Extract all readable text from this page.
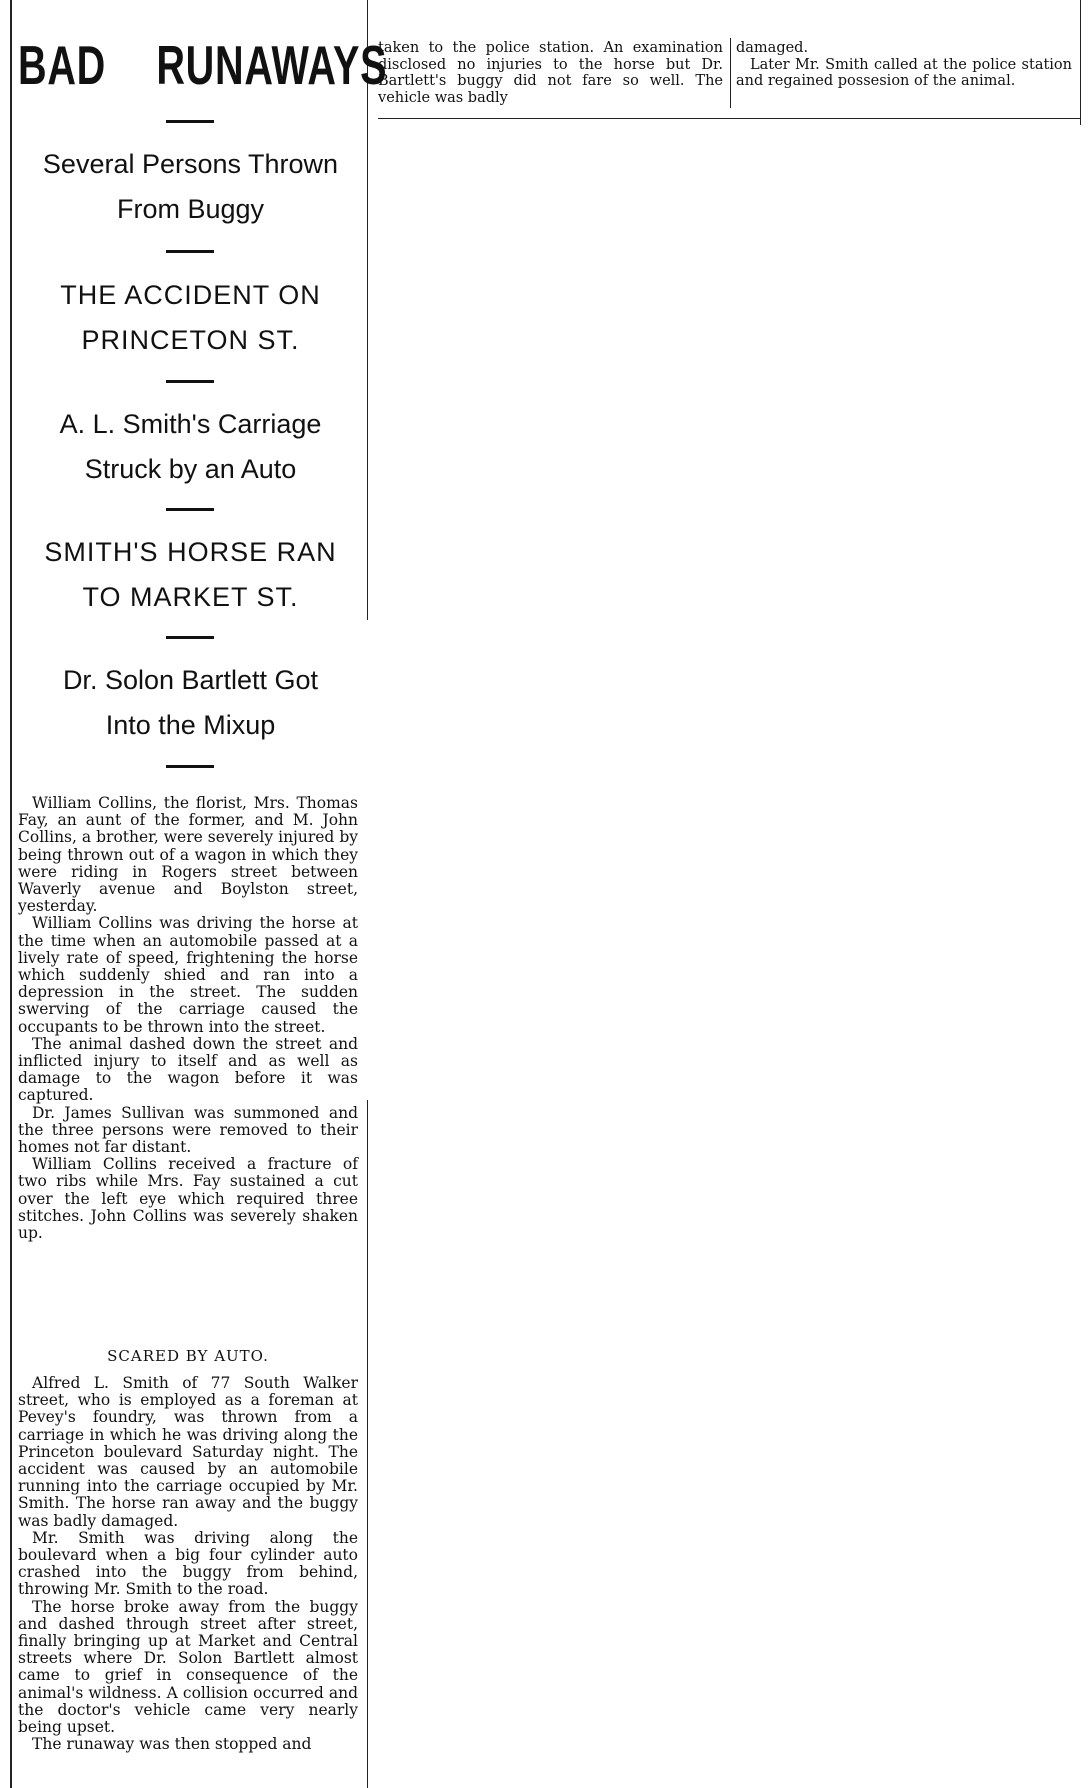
BAD RUNAWAYS
Several Persons Thrown
From Buggy
THE ACCIDENT ON
PRINCETON ST.
A. L. Smith's Carriage
Struck by an Auto
SMITH'S HORSE RAN
TO MARKET ST.
Dr. Solon Bartlett Got
Into the Mixup

William Collins, the florist, Mrs. Thomas Fay, an aunt of the former, and M. John Collins, a brother, were severely injured by being thrown out of a wagon in which they were riding in Rogers street between Waverly avenue and Boylston street, yesterday.

William Collins was driving the horse at the time when an automobile passed at a lively rate of speed, frightening the horse which suddenly shied and ran into a depression in the street. The sudden swerving of the carriage caused the occupants to be thrown into the street.

The animal dashed down the street and inflicted injury to itself and as well as damage to the wagon before it was captured.

Dr. James Sullivan was summoned and the three persons were removed to their homes not far distant.

William Collins received a fracture of two ribs while Mrs. Fay sustained a cut over the left eye which required three stitches. John Collins was severely shaken up.

SCARED BY AUTO.

Alfred L. Smith of 77 South Walker street, who is employed as a foreman at Pevey's foundry, was thrown from a carriage in which he was driving along the Princeton boulevard Saturday night. The accident was caused by an automobile running into the carriage occupied by Mr. Smith. The horse ran away and the buggy was badly damaged.

Mr. Smith was driving along the boulevard when a big four cylinder auto crashed into the buggy from behind, throwing Mr. Smith to the road.

The horse broke away from the buggy and dashed through street after street, finally bringing up at Market and Central streets where Dr. Solon Bartlett almost came to grief in consequence of the animal's wildness. A collision occurred and the doctor's vehicle came very nearly being upset.

The runaway was then stopped and

taken to the police station. An examination disclosed no injuries to the horse but Dr. Bartlett's buggy did not fare so well. The vehicle was badly

damaged.

Later Mr. Smith called at the police station and regained possesion of the animal.
